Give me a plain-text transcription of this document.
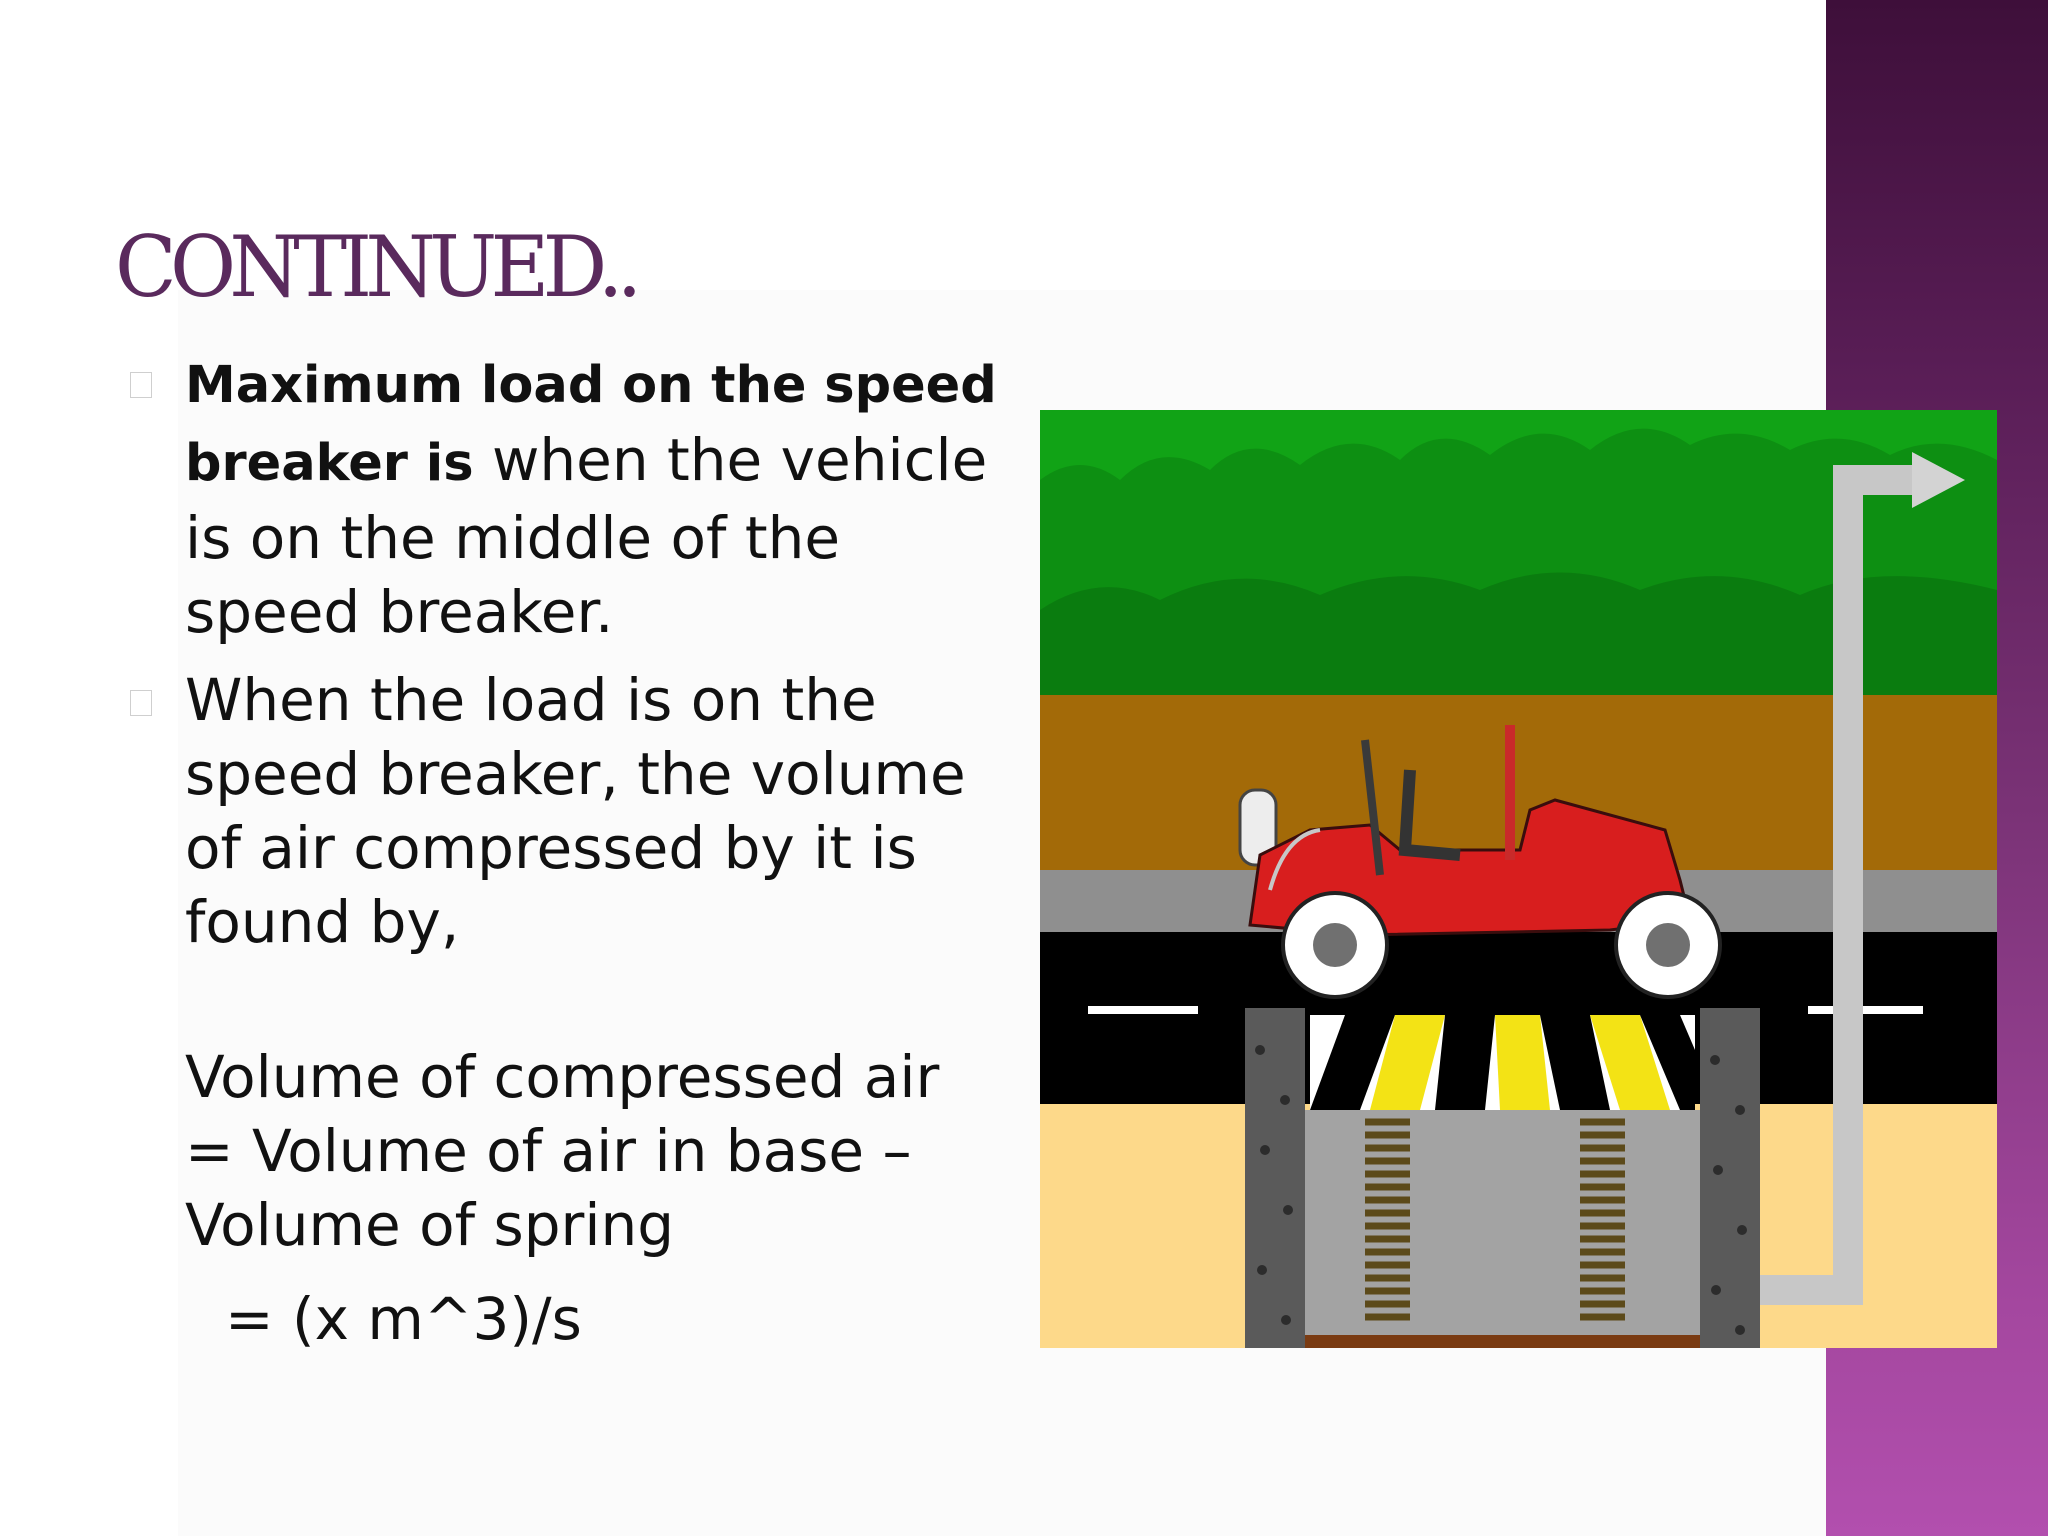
CONTINUED..
Maximum load on the speed breaker is when the vehicle is on the middle of the speed breaker.
When the load is on the speed breaker, the volume of air compressed by it is found by,
Volume of compressed air
= Volume of air in base –
Volume of spring
= (x m^3)/s
